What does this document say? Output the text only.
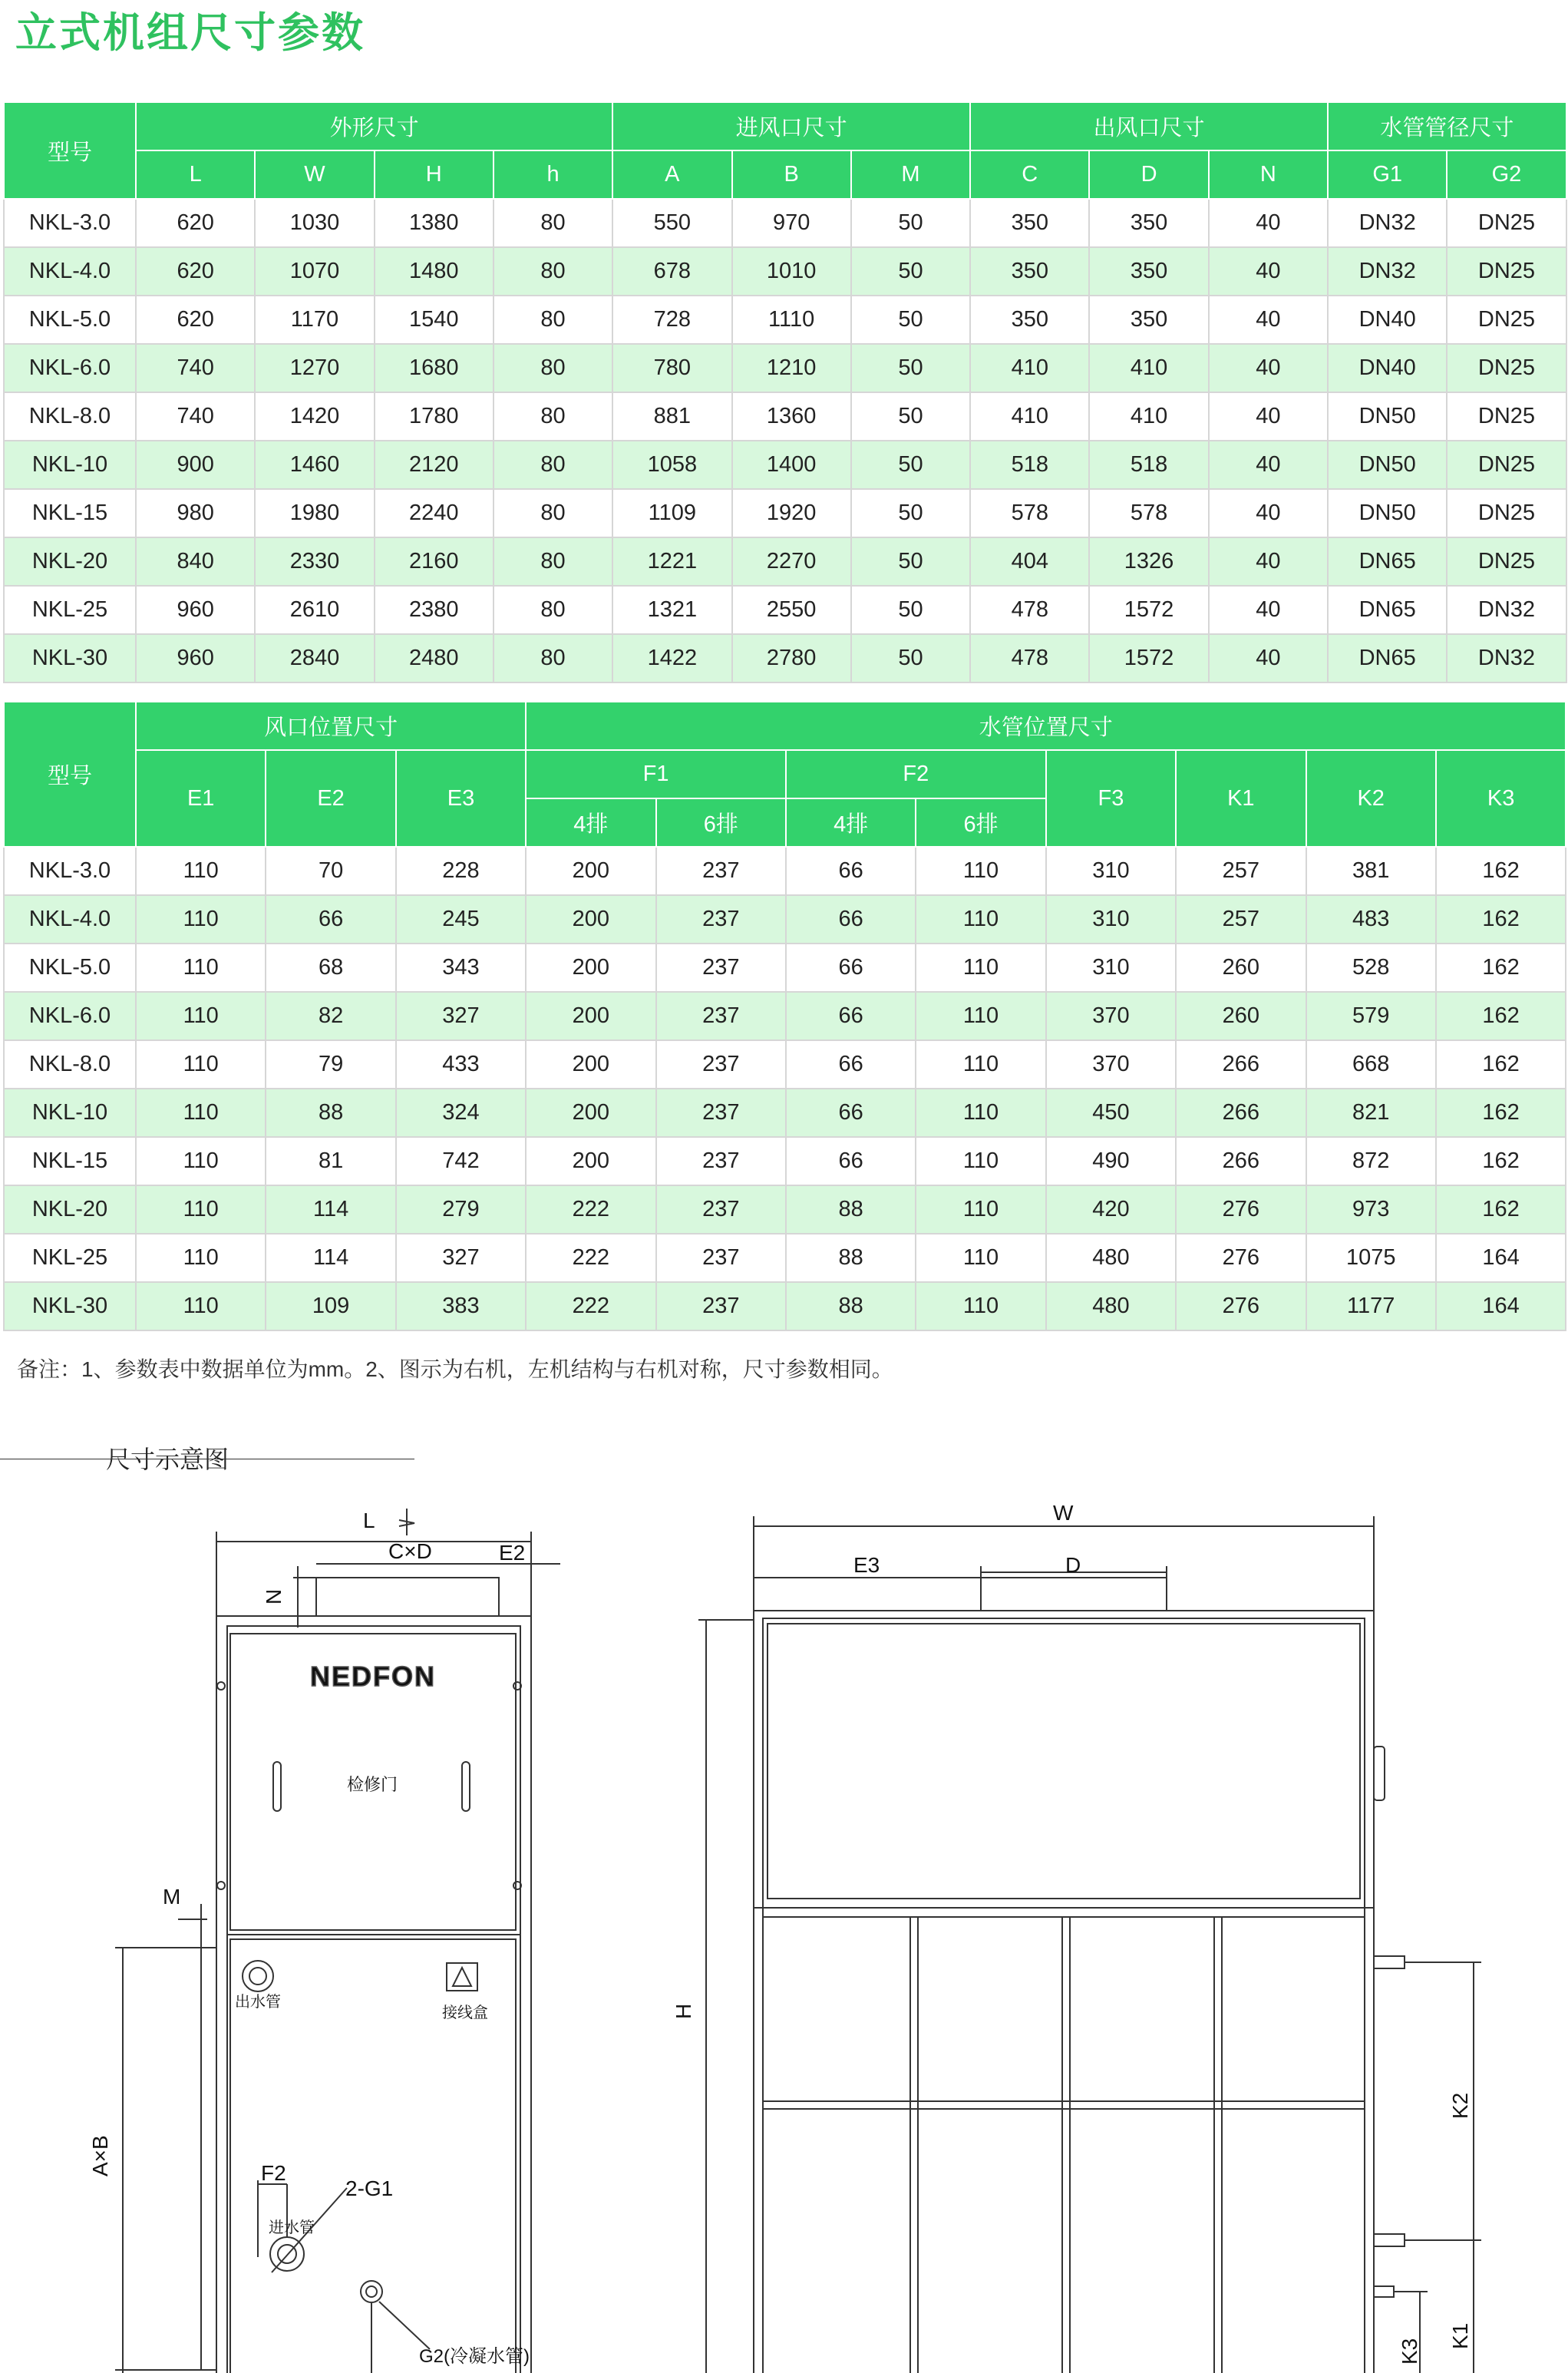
立式机组尺寸参数
型号	外形尺寸				进风口尺寸			出风口尺寸			水管管径尺寸	
	L	W	H	h	A	B	M	C	D	N	G1	G2
NKL-3.0	620	1030	1380	80	550	970	50	350	350	40	DN32	DN25
NKL-4.0	620	1070	1480	80	678	1010	50	350	350	40	DN32	DN25
NKL-5.0	620	1170	1540	80	728	1110	50	350	350	40	DN40	DN25
NKL-6.0	740	1270	1680	80	780	1210	50	410	410	40	DN40	DN25
NKL-8.0	740	1420	1780	80	881	1360	50	410	410	40	DN50	DN25
NKL-10	900	1460	2120	80	1058	1400	50	518	518	40	DN50	DN25
NKL-15	980	1980	2240	80	1109	1920	50	578	578	40	DN50	DN25
NKL-20	840	2330	2160	80	1221	2270	50	404	1326	40	DN65	DN25
NKL-25	960	2610	2380	80	1321	2550	50	478	1572	40	DN65	DN32
NKL-30	960	2840	2480	80	1422	2780	50	478	1572	40	DN65	DN32
型号	风口位置尺寸			水管位置尺寸							
	E1	E2	E3	F1		F2		F3	K1	K2	K3
				4排	6排	4排	6排				
NKL-3.0	110	70	228	200	237	66	110	310	257	381	162
NKL-4.0	110	66	245	200	237	66	110	310	257	483	162
NKL-5.0	110	68	343	200	237	66	110	310	260	528	162
NKL-6.0	110	82	327	200	237	66	110	370	260	579	162
NKL-8.0	110	79	433	200	237	66	110	370	266	668	162
NKL-10	110	88	324	200	237	66	110	450	266	821	162
NKL-15	110	81	742	200	237	66	110	490	266	872	162
NKL-20	110	114	279	222	237	88	110	420	276	973	162
NKL-25	110	114	327	222	237	88	110	480	276	1075	164
NKL-30	110	109	383	222	237	88	110	480	276	1177	164
备注：1、参数表中数据单位为mm。2、图示为右机，左机结构与右机对称，尺寸参数相同。
尺寸示意图
L
C×D	E2
N
M
A×B	F2
2-G1
G2(冷凝水管)
NEDFON
检修门
出水管
接线盒
进水管
W
E3	D
H
K1
K2
K3
